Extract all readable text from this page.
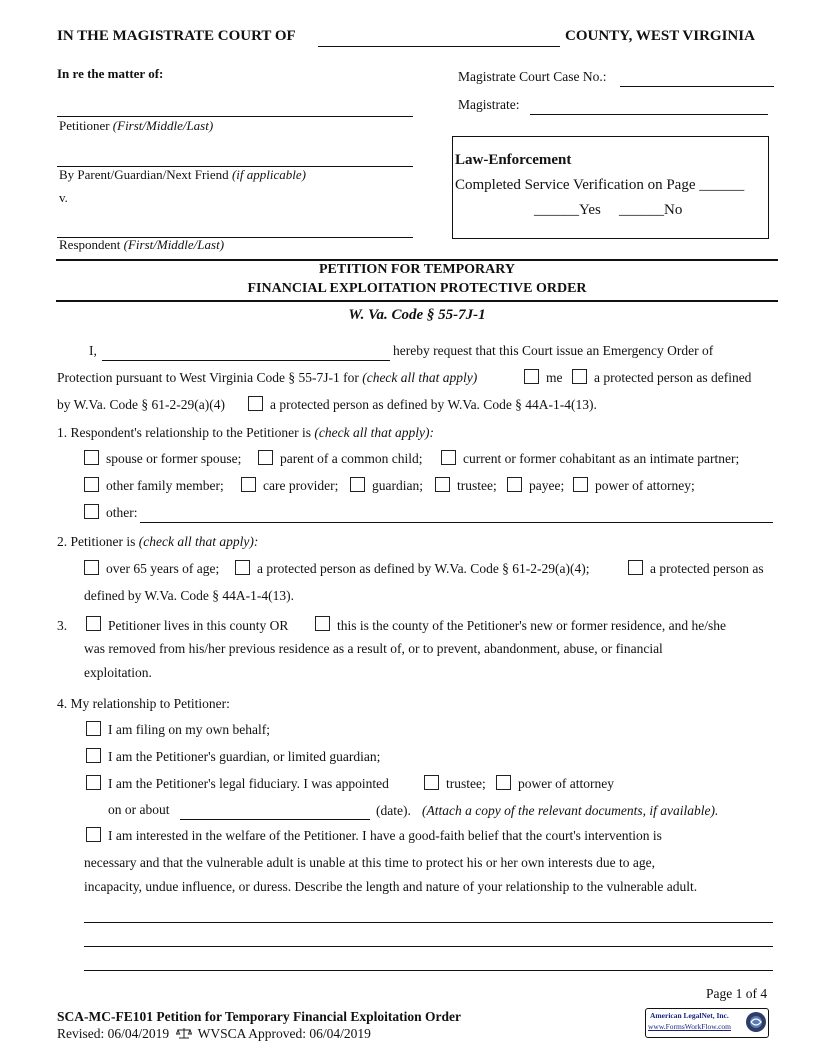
IN THE MAGISTRATE COURT OF	COUNTY, WEST VIRGINIA
In re the matter of:
Petitioner (First/Middle/Last)
By Parent/Guardian/Next Friend (if applicable)
v.
Respondent (First/Middle/Last)
Magistrate Court Case No.:
Magistrate:
Law-Enforcement
Completed Service Verification on Page ______
______Yes ______No
PETITION FOR TEMPORARY
FINANCIAL EXPLOITATION PROTECTIVE ORDER
W. Va. Code § 55-7J-1
I,	hereby request that this Court issue an Emergency Order of
Protection pursuant to West Virginia Code § 55-7J-1 for (check all that apply)	me a protected person as defined
by W.Va. Code § 61-2-29(a)(4)	a protected person as defined by W.Va. Code § 44A-1-4(13).
1. Respondent's relationship to the Petitioner is (check all that apply):
spouse or former spouse;	parent of a common child;	current or former cohabitant as an intimate partner;
other family member;	care provider; guardian;	trustee; payee; power of attorney;
other:
2. Petitioner is (check all that apply):
over 65 years of age;	a protected person as defined by W.Va. Code § 61-2-29(a)(4);	a protected person as
defined by W.Va. Code § 44A-1-4(13).
3.	Petitioner lives in this county OR	this is the county of the Petitioner's new or former residence, and he/she
was removed from his/her previous residence as a result of, or to prevent, abandonment, abuse, or financial
exploitation.
4. My relationship to Petitioner:
I am filing on my own behalf;
I am the Petitioner's guardian, or limited guardian;
I am the Petitioner's legal fiduciary. I was appointed	trustee; power of attorney
on or about	(date). (Attach a copy of the relevant documents, if available).
I am interested in the welfare of the Petitioner. I have a good-faith belief that the court's intervention is
necessary and that the vulnerable adult is unable at this time to protect his or her own interests due to age,
incapacity, undue influence, or duress. Describe the length and nature of your relationship to the vulnerable adult.
Page 1 of 4
SCA-MC-FE101 Petition for Temporary Financial Exploitation Order
Revised: 06/04/2019 WVSCA Approved: 06/04/2019
American LegalNet, Inc.
www.FormsWorkFlow.com
